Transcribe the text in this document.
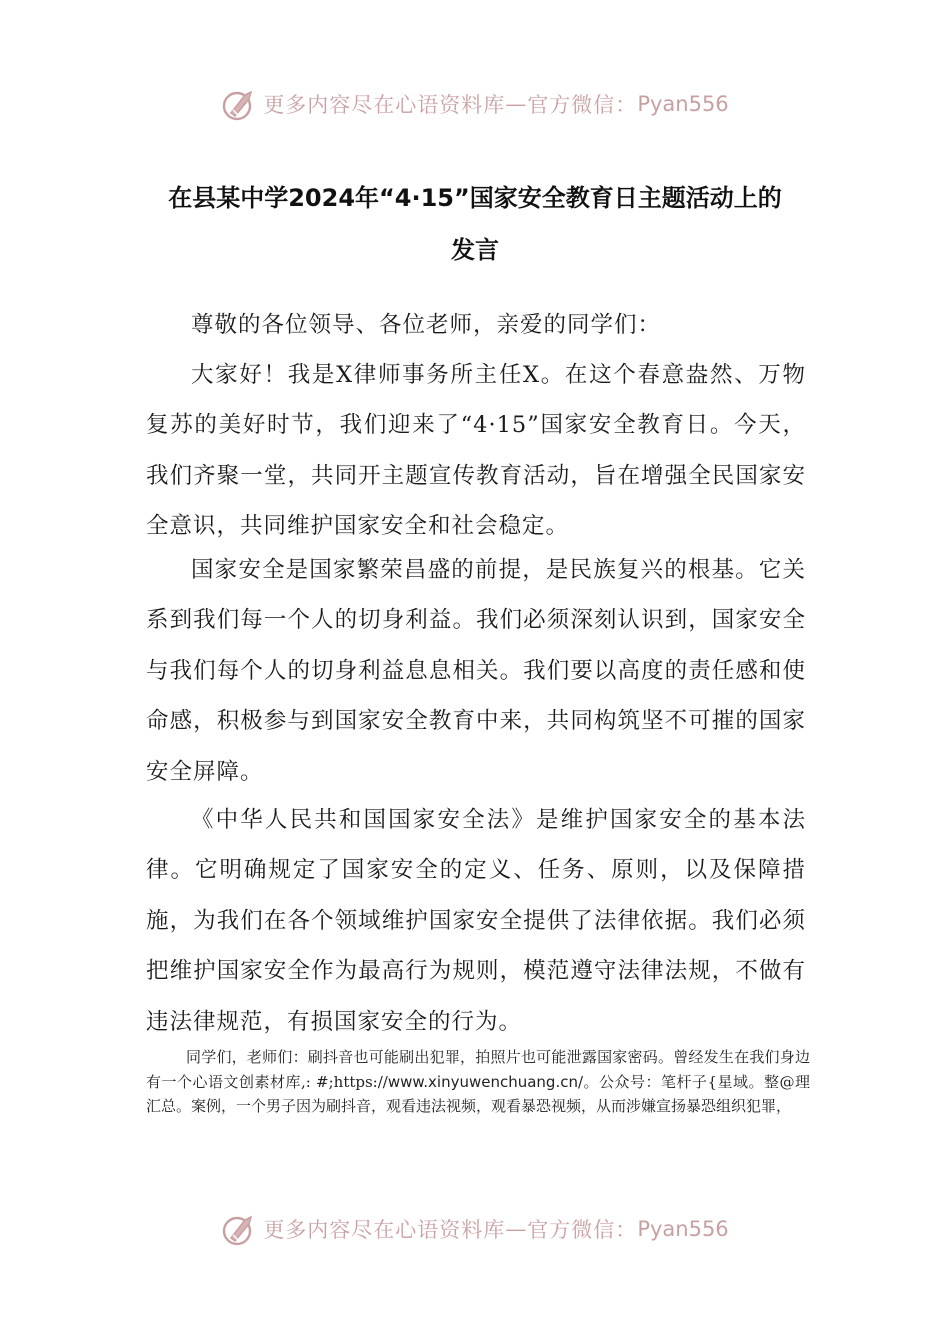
更多内容尽在心语资料库 — 官方微信： Pyan556
在县某中学2024年“4·15”国家安全教育日主题活动上的
发言

尊敬的各位领导、各位老师，亲爱的同学们：

大家好！我是X律师事务所主任X。在这个春意盎然、万物复苏的美好时节，我们迎来了“4·15”国家安全教育日。今天，我们齐聚一堂，共同开主题宣传教育活动，旨在增强全民国家安全意识，共同维护国家安全和社会稳定。

国家安全是国家繁荣昌盛的前提，是民族复兴的根基。它关系到我们每一个人的切身利益。我们必须深刻认识到，国家安全与我们每个人的切身利益息息相关。我们要以高度的责任感和使命感，积极参与到国家安全教育中来，共同构筑坚不可摧的国家安全屏障。

《中华人民共和国国家安全法》是维护国家安全的基本法律。它明确规定了国家安全的定义、任务、原则，以及保障措施，为我们在各个领域维护国家安全提供了法律依据。我们必须把维护国家安全作为最高行为规则，模范遵守法律法规，不做有违法律规范，有损国家安全的行为。

同学们，老师们：刷抖音也可能刷出犯罪，拍照片也可能泄露国家密码。曾经发生在我们身边有一个心语文创素材库,: #;https://www.xinyuwenchuang.cn/。公众号：笔杆子{星域。整@理汇总。案例，一个男子因为刷抖音，观看违法视频，观看暴恐视频，从而涉嫌宣扬暴恐组织犯罪，

更多内容尽在心语资料库 — 官方微信： Pyan556
